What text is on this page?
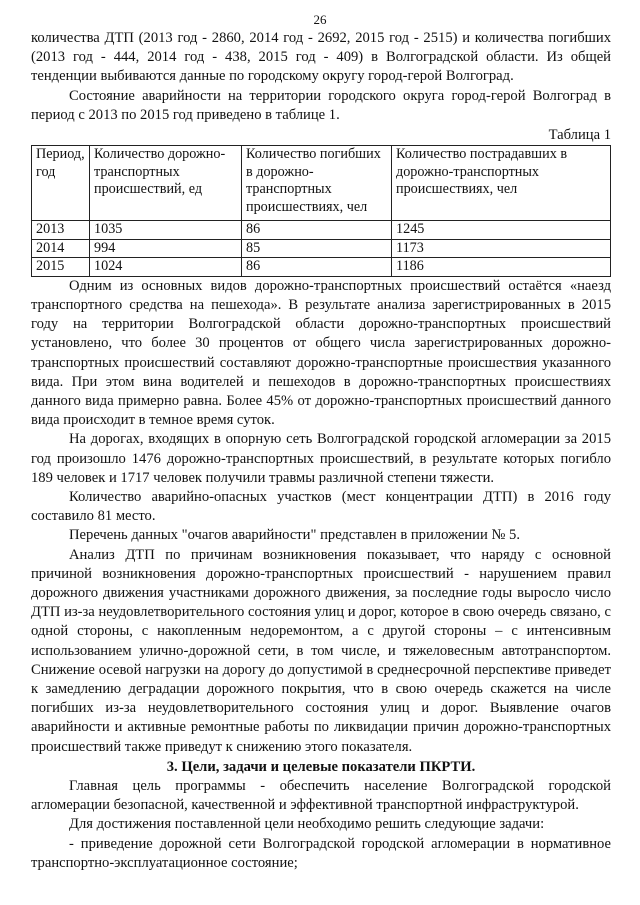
26

количества ДТП (2013 год - 2860, 2014 год - 2692, 2015 год - 2515) и количества погибших (2013 год - 444, 2014 год - 438, 2015 год - 409) в Волгоградской области. Из общей тенденции выбиваются данные по городскому округу город-герой Волгоград.

Состояние аварийности на территории городского округа город-герой Волгоград в период с 2013 по 2015 год приведено в таблице 1.

Таблица 1

Период, год	Количество дорожно-транспортных происшествий, ед	Количество погибших в дорожно-транспортных происшествиях, чел	Количество пострадавших в дорожно-транспортных происшествиях, чел
2013	1035	86	1245
2014	994	85	1173
2015	1024	86	1186

Одним из основных видов дорожно-транспортных происшествий остаётся «наезд транспортного средства на пешехода». В результате анализа зарегистрированных в 2015 году на территории Волгоградской области дорожно-транспортных происшествий установлено, что более 30 процентов от общего числа зарегистрированных дорожно-транспортных происшествий составляют дорожно-транспортные происшествия указанного вида. При этом вина водителей и пешеходов в дорожно-транспортных происшествиях данного вида примерно равна. Более 45% от дорожно-транспортных происшествий данного вида происходит в темное время суток.

На дорогах, входящих в опорную сеть Волгоградской городской агломерации за 2015 год произошло 1476 дорожно-транспортных происшествий, в результате которых погибло 189 человек и 1717 человек получили травмы различной степени тяжести.

Количество аварийно-опасных участков (мест концентрации ДТП) в 2016 году составило 81 место.

Перечень данных "очагов аварийности" представлен в приложении № 5.

Анализ ДТП по причинам возникновения показывает, что наряду с основной причиной возникновения дорожно-транспортных происшествий - нарушением правил дорожного движения участниками дорожного движения, за последние годы выросло число ДТП из-за неудовлетворительного состояния улиц и дорог, которое в свою очередь связано, с одной стороны, с накопленным недоремонтом, а с другой стороны – с интенсивным использованием улично-дорожной сети, в том числе, и тяжеловесным автотранспортом. Снижение осевой нагрузки на дорогу до допустимой в среднесрочной перспективе приведет к замедлению деградации дорожного покрытия, что в свою очередь скажется на числе погибших из-за неудовлетворительного состояния улиц и дорог. Выявление очагов аварийности и активные ремонтные работы по ликвидации причин дорожно-транспортных происшествий также приведут к снижению этого показателя.

3. Цели, задачи и целевые показатели ПКРТИ.

Главная цель программы - обеспечить население Волгоградской городской агломерации безопасной, качественной и эффективной транспортной инфраструктурой.

Для достижения поставленной цели необходимо решить следующие задачи:

- приведение дорожной сети Волгоградской городской агломерации в нормативное транспортно-эксплуатационное состояние;
